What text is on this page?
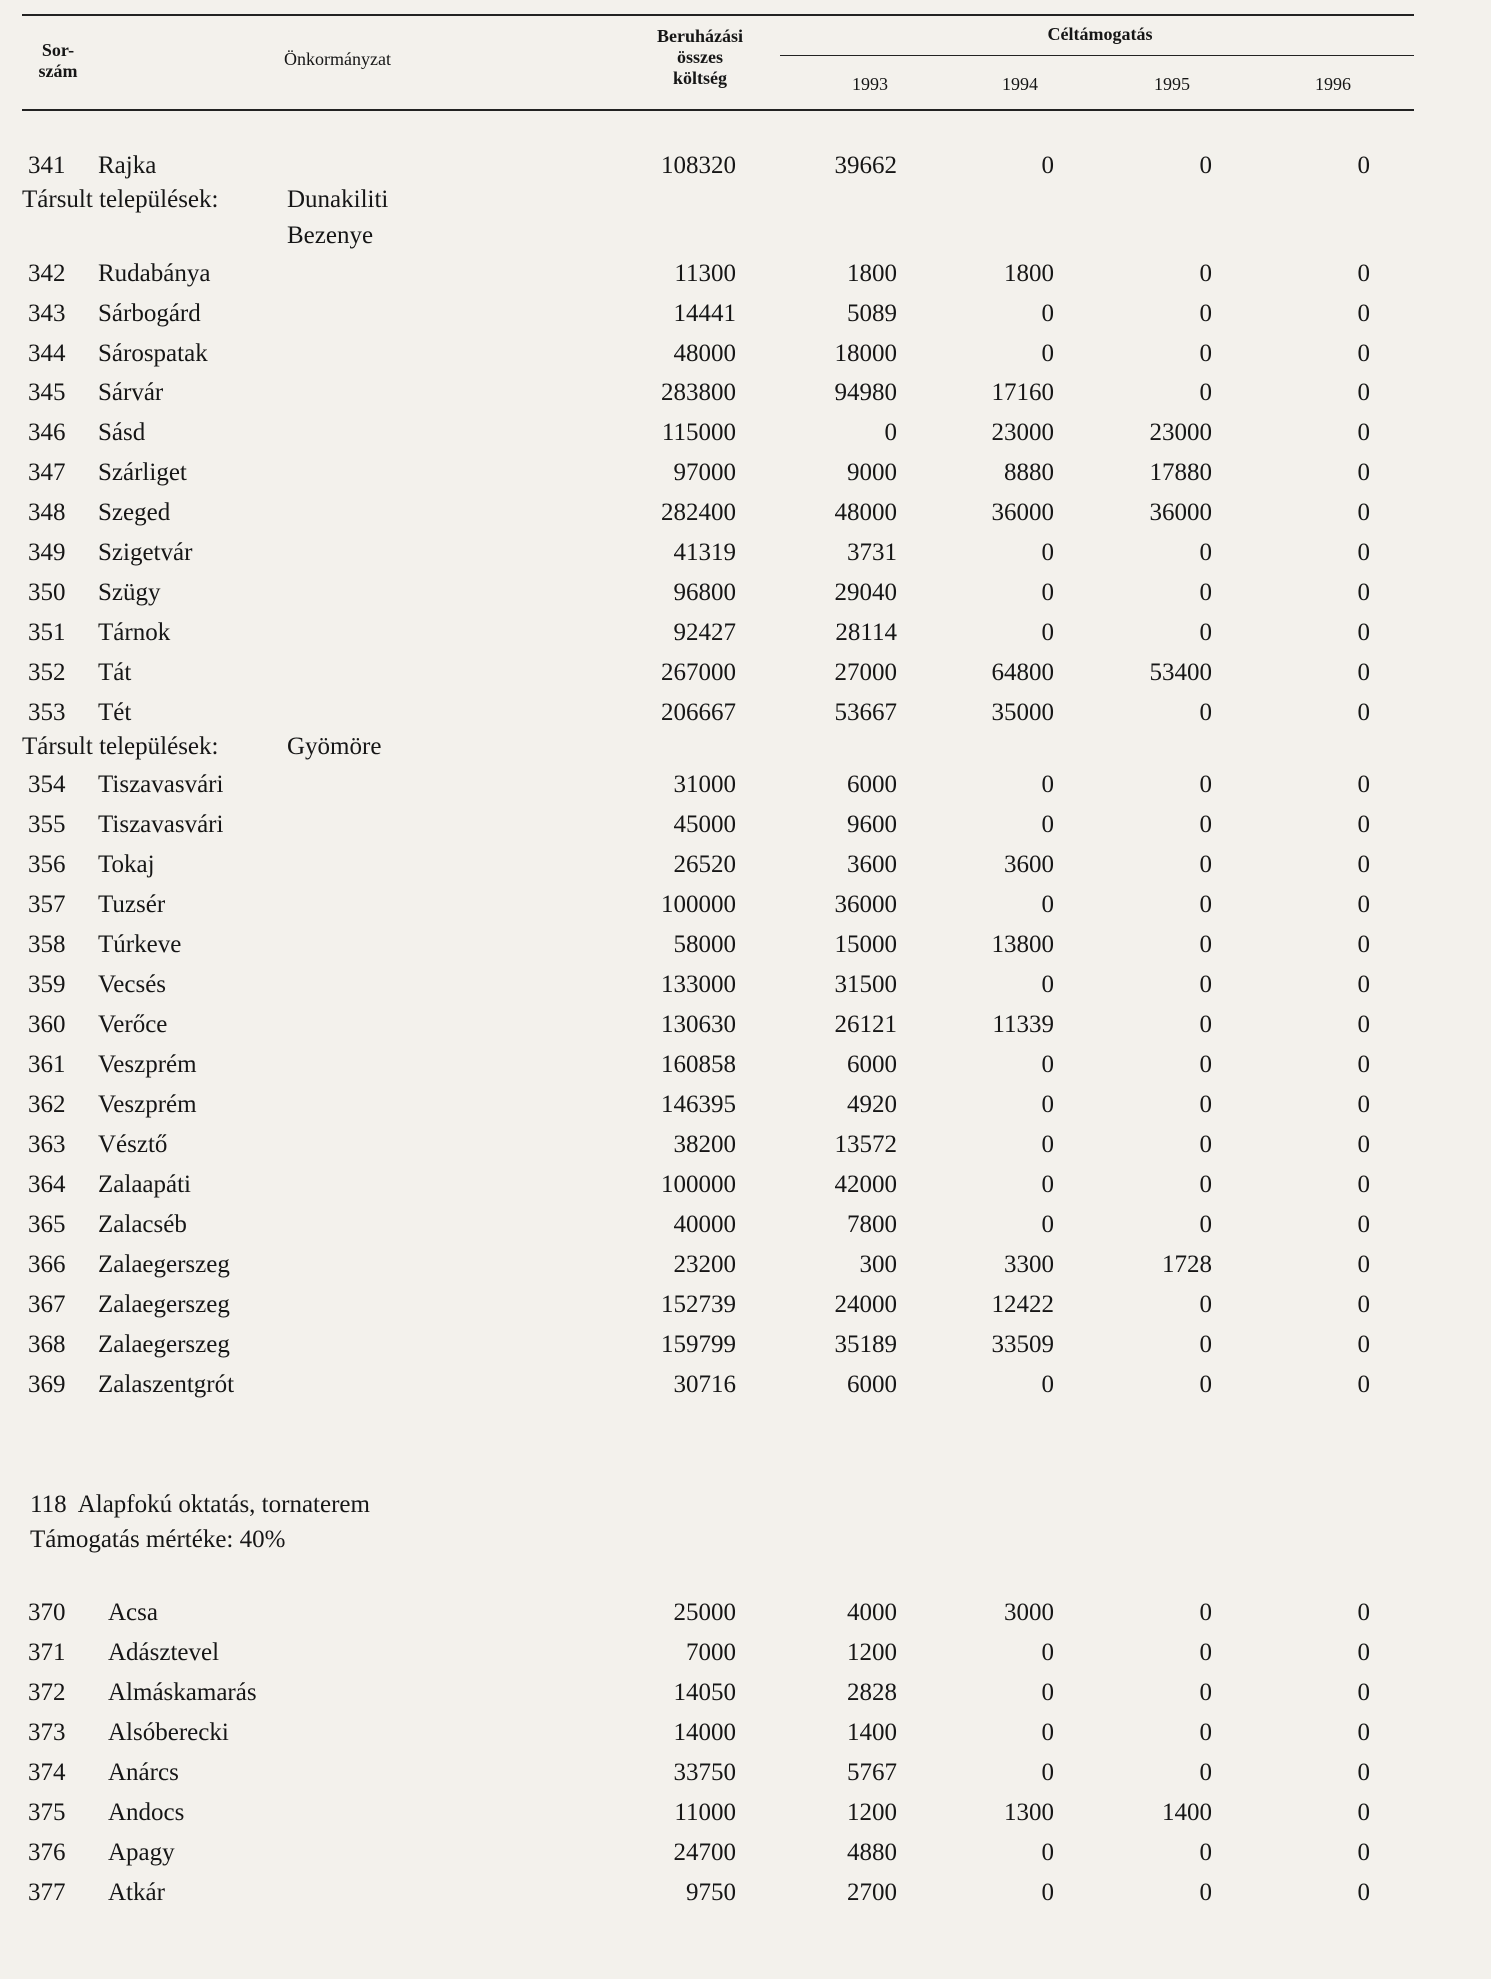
Sor-
szám
Önkormányzat
Beruházási
összes
költség
Céltámogatás
1993	1994	1995	1996
341 Rajka	108320	39662	0	0	0
342 Rudabánya	11300	1800	1800	0	0
343 Sárbogárd	14441	5089	0	0	0
344 Sárospatak	48000	18000	0	0	0
345 Sárvár	283800	94980	17160	0	0
346 Sásd	115000	0	23000	23000	0
347 Szárliget	97000	9000	8880	17880	0
348 Szeged	282400	48000	36000	36000	0
349 Szigetvár	41319	3731	0	0	0
350 Szügy	96800	29040	0	0	0
351 Tárnok	92427	28114	0	0	0
352 Tát	267000	27000	64800	53400	0
353 Tét	206667	53667	35000	0	0
354 Tiszavasvári	31000	6000	0	0	0
355 Tiszavasvári	45000	9600	0	0	0
356 Tokaj	26520	3600	3600	0	0
357 Tuzsér	100000	36000	0	0	0
358 Túrkeve	58000	15000	13800	0	0
359 Vecsés	133000	31500	0	0	0
360 Verőce	130630	26121	11339	0	0
361 Veszprém	160858	6000	0	0	0
362 Veszprém	146395	4920	0	0	0
363 Vésztő	38200	13572	0	0	0
364 Zalaapáti	100000	42000	0	0	0
365 Zalacséb	40000	7800	0	0	0
366 Zalaegerszeg	23200	300	3300	1728	0
367 Zalaegerszeg	152739	24000	12422	0	0
368 Zalaegerszeg	159799	35189	33509	0	0
369 Zalaszentgrót	30716	6000	0	0	0
Társult települések:	Dunakiliti
Bezenye
Társult települések:	Gyömöre
118  Alapfokú oktatás, tornaterem
Támogatás mértéke: 40%
370 Acsa	25000	4000	3000	0	0
371 Adásztevel	7000	1200	0	0	0
372 Almáskamarás	14050	2828	0	0	0
373 Alsóberecki	14000	1400	0	0	0
374 Anárcs	33750	5767	0	0	0
375 Andocs	11000	1200	1300	1400	0
376 Apagy	24700	4880	0	0	0
377 Atkár	9750	2700	0	0	0
